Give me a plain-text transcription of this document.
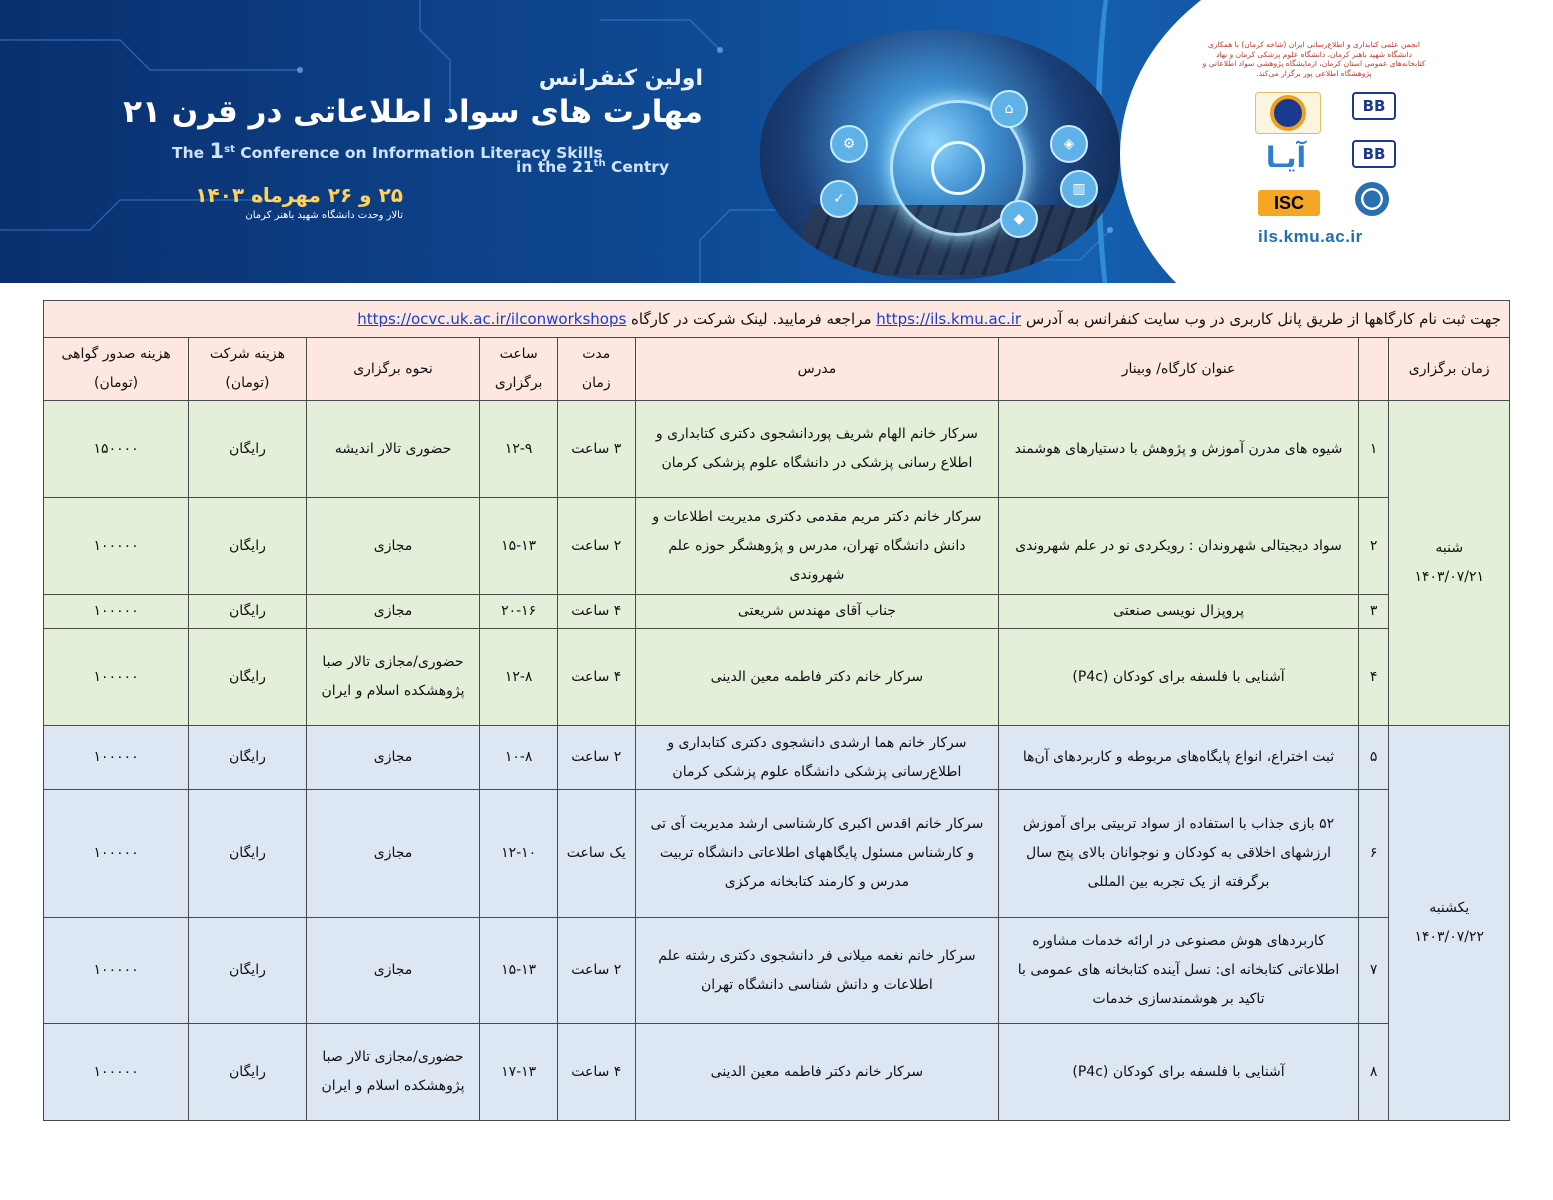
⚙
✓
◈
▥
⌂
◆
اولین کنفرانس
مهارت های سواد اطلاعاتی در قرن ۲۱
The 1st Conference on Information Literacy Skills
in the 21th Centry
۲۵ و ۲۶ مهرماه ۱۴۰۳
تالار وحدت دانشگاه شهید باهنر کرمان
انجمن علمی کتابداری و اطلاع‌رسانی ایران (شاخه کرمان) با همکاری دانشگاه شهید باهنر کرمان، دانشگاه علوم پزشکی کرمان و نهاد کتابخانه‌های عمومی استان کرمان، ازمایشگاه پژوهشی سواد اطلاعاتی و پژوهشگاه اطلاعی پور برگزار می‌کند.
BB
آیـا	BB
ISC
ils.kmu.ac.ir
جهت ثبت نام کارگاهها از طریق پانل کاربری در وب سایت کنفرانس به آدرس https://ils.kmu.ac.ir مراجعه فرمایید. لینک شرکت در کارگاه https://ocvc.uk.ac.ir/ilconworkshops								
زمان برگزاری		عنوان کارگاه/ وبینار	مدرس	مدت زمان	ساعت برگزاری	نحوه برگزاری	هزینه شرکت (تومان)	هزینه صدور گواهی (تومان)

شنبه
۱۴۰۳/۰۷/۲۱	۱	شیوه های مدرن آموزش و پژوهش با دستیارهای هوشمند	سرکار خانم الهام شریف پوردانشجوی دکتری کتابداری و اطلاع رسانی پزشکی در دانشگاه علوم پزشکی کرمان	۳ ساعت	۱۲-۹	حضوری تالار اندیشه	رایگان	۱۵۰۰۰۰
	۲	سواد دیجیتالی شهروندان : رویکردی نو در علم شهروندی	سرکار خانم دکتر مریم مقدمی دکتری مدیریت اطلاعات و دانش دانشگاه تهران، مدرس و پژوهشگر حوزه علم شهروندی	۲ ساعت	۱۵-۱۳	مجازی	رایگان	۱۰۰۰۰۰
	۳	پروپزال نویسی صنعتی	جناب آقای مهندس شریعتی	۴ ساعت	۲۰-۱۶	مجازی	رایگان	۱۰۰۰۰۰
	۴	آشنایی با فلسفه برای کودکان (P4c)	سرکار خانم دکتر فاطمه معین الدینی	۴ ساعت	۱۲-۸	حضوری/مجازی تالار صبا پژوهشکده اسلام و ایران	رایگان	۱۰۰۰۰۰

یکشنبه
۱۴۰۳/۰۷/۲۲	۵	ثبت اختراع، انواع پایگاه‌های مربوطه و کاربردهای آن‌ها	سرکار خانم هما ارشدی دانشجوی دکتری کتابداری و اطلاع‌رسانی پزشکی دانشگاه علوم پزشکی کرمان	۲ ساعت	۱۰-۸	مجازی	رایگان	۱۰۰۰۰۰
	۶	۵۲ بازی جذاب با استفاده از سواد تربیتی برای آموزش ارزشهای اخلاقی به کودکان و نوجوانان بالای پنج سال برگرفته از یک تجربه بین المللی	سرکار خانم اقدس اکبری کارشناسی ارشد مدیریت آی تی و کارشناس مسئول پایگاههای اطلاعاتی دانشگاه تربیت مدرس و کارمند کتابخانه مرکزی	یک ساعت	۱۲-۱۰	مجازی	رایگان	۱۰۰۰۰۰
	۷	کاربردهای هوش مصنوعی در ارائه خدمات مشاوره اطلاعاتی کتابخانه ای: نسل آینده کتابخانه های عمومی با تاکید بر هوشمندسازی خدمات	سرکار خانم نغمه میلانی فر دانشجوی دکتری رشته علم اطلاعات و دانش شناسی دانشگاه تهران	۲ ساعت	۱۵-۱۳	مجازی	رایگان	۱۰۰۰۰۰
	۸	آشنایی با فلسفه برای کودکان (P4c)	سرکار خانم دکتر فاطمه معین الدینی	۴ ساعت	۱۷-۱۳	حضوری/مجازی تالار صبا پژوهشکده اسلام و ایران	رایگان	۱۰۰۰۰۰
